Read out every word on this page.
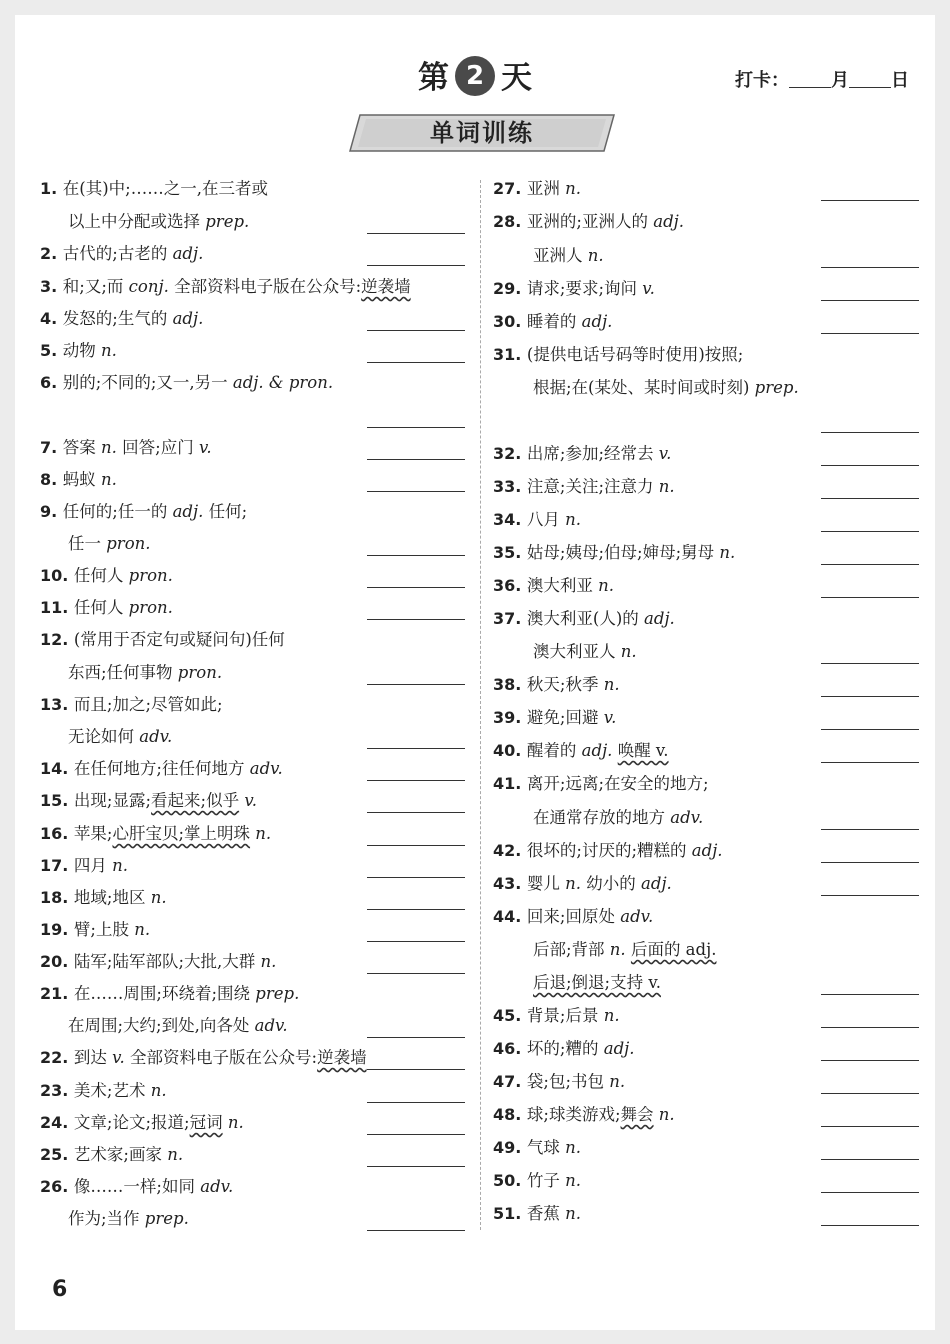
第 2 天	打卡： 月 日
单词训练
1. 在(其)中;……之一,在三者或
以上中分配或选择 prep.
2. 古代的;古老的 adj.
3. 和;又;而 conj. 全部资料电子版在公众号:逆袭墙
4. 发怒的;生气的 adj.
5. 动物 n.
6. 别的;不同的;又一,另一 adj. & pron.
7. 答案 n. 回答;应门 v.
8. 蚂蚁 n.
9. 任何的;任一的 adj. 任何;
任一 pron.
10. 任何人 pron.
11. 任何人 pron.
12. (常用于否定句或疑问句)任何
东西;任何事物 pron.
13. 而且;加之;尽管如此;
无论如何 adv.
14. 在任何地方;往任何地方 adv.
15. 出现;显露;看起来;似乎 v.
16. 苹果;心肝宝贝;掌上明珠 n.
17. 四月 n.
18. 地域;地区 n.
19. 臂;上肢 n.
20. 陆军;陆军部队;大批,大群 n.
21. 在……周围;环绕着;围绕 prep.
在周围;大约;到处,向各处 adv.
22. 到达 v. 全部资料电子版在公众号:逆袭墙
23. 美术;艺术 n.
24. 文章;论文;报道;冠词 n.
25. 艺术家;画家 n.
26. 像……一样;如同 adv.
作为;当作 prep.
27. 亚洲 n.
28. 亚洲的;亚洲人的 adj.
亚洲人 n.
29. 请求;要求;询问 v.
30. 睡着的 adj.
31. (提供电话号码等时使用)按照;
根据;在(某处、某时间或时刻) prep.
32. 出席;参加;经常去 v.
33. 注意;关注;注意力 n.
34. 八月 n.
35. 姑母;姨母;伯母;婶母;舅母 n.
36. 澳大利亚 n.
37. 澳大利亚(人)的 adj.
澳大利亚人 n.
38. 秋天;秋季 n.
39. 避免;回避 v.
40. 醒着的 adj. 唤醒 v.
41. 离开;远离;在安全的地方;
在通常存放的地方 adv.
42. 很坏的;讨厌的;糟糕的 adj.
43. 婴儿 n. 幼小的 adj.
44. 回来;回原处 adv.
后部;背部 n. 后面的 adj.
后退;倒退;支持 v.
45. 背景;后景 n.
46. 坏的;糟的 adj.
47. 袋;包;书包 n.
48. 球;球类游戏;舞会 n.
49. 气球 n.
50. 竹子 n.
51. 香蕉 n.
6
